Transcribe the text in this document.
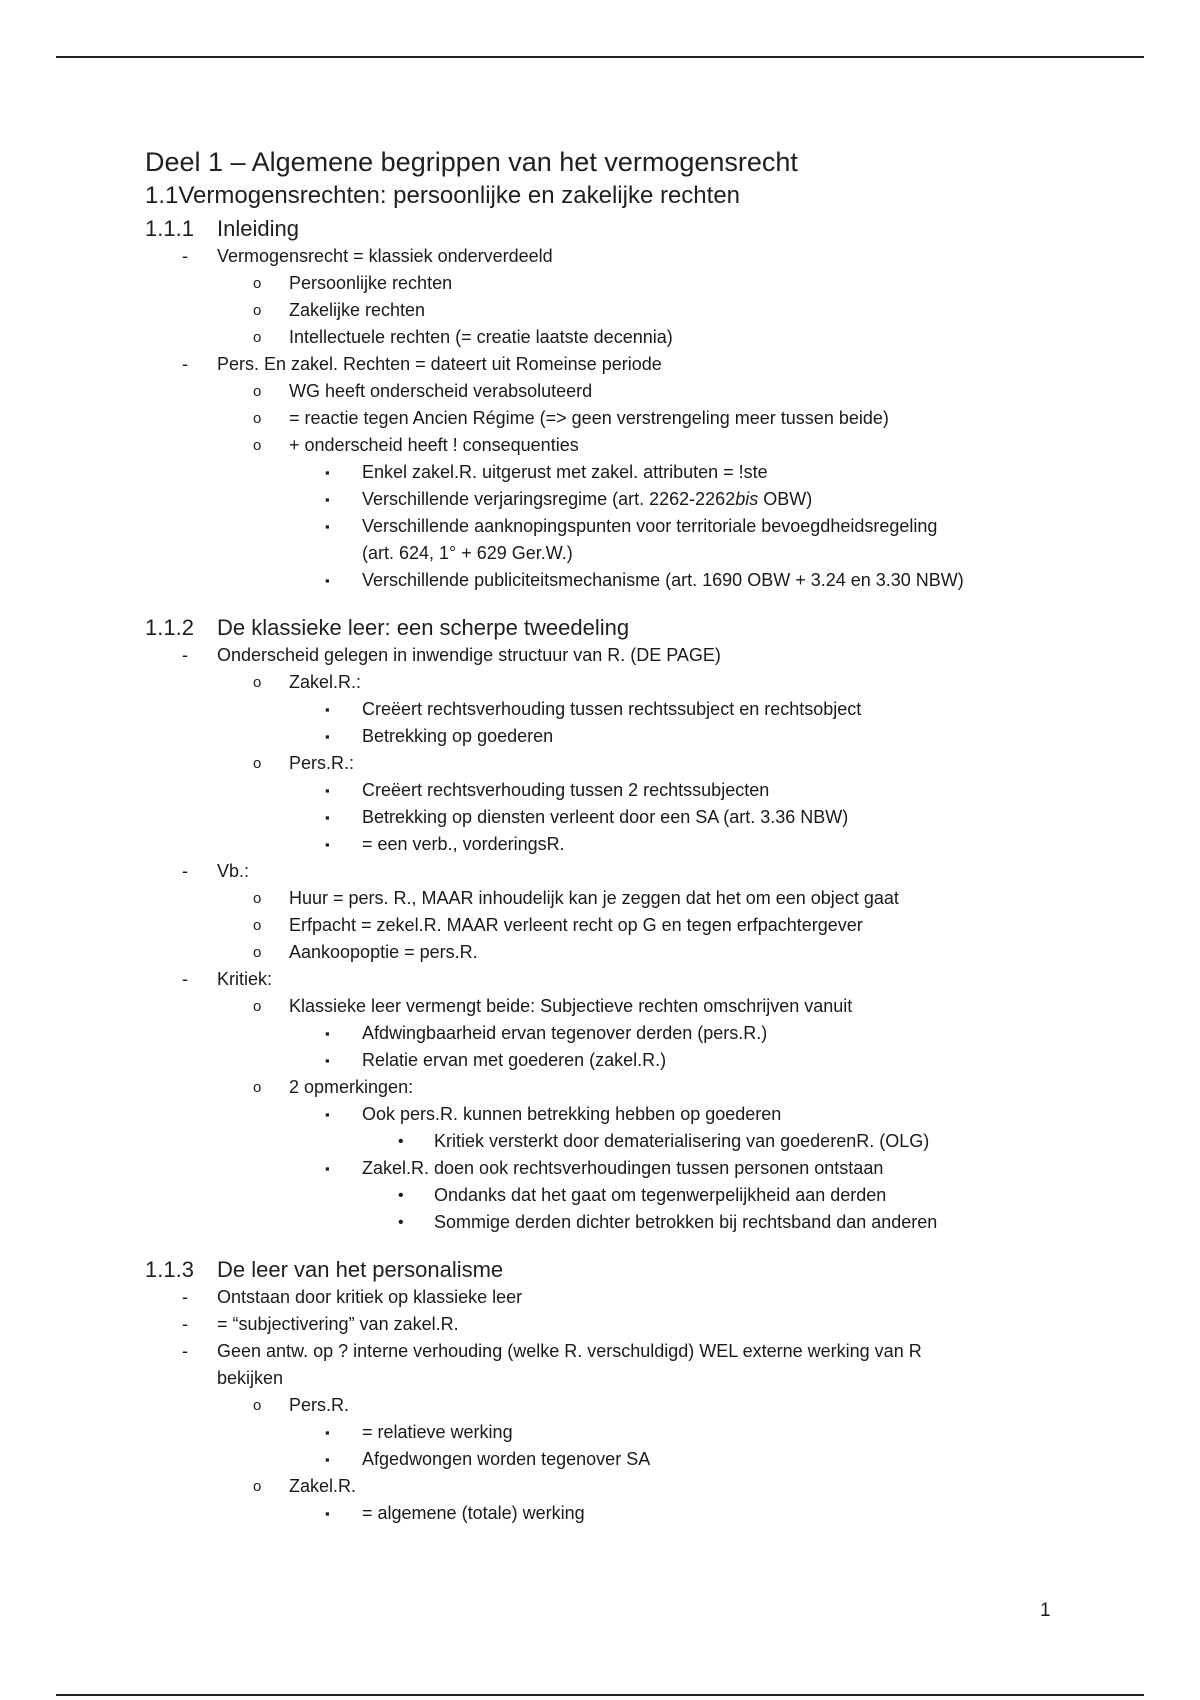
Deel 1 – Algemene begrippen van het vermogensrecht
1.1Vermogensrechten: persoonlijke en zakelijke rechten
1.1.1 Inleiding
- Vermogensrecht = klassiek onderverdeeld
o Persoonlijke rechten
o Zakelijke rechten
o Intellectuele rechten (= creatie laatste decennia)
- Pers. En zakel. Rechten = dateert uit Romeinse periode
o WG heeft onderscheid verabsoluteerd
o = reactie tegen Ancien Régime (=> geen verstrengeling meer tussen beide)
o + onderscheid heeft ! consequenties
▪ Enkel zakel.R. uitgerust met zakel. attributen = !ste
▪ Verschillende verjaringsregime (art. 2262-2262bis OBW)
▪ Verschillende aanknopingspunten voor territoriale bevoegdheidsregeling
(art. 624, 1° + 629 Ger.W.)
▪ Verschillende publiciteitsmechanisme (art. 1690 OBW + 3.24 en 3.30 NBW)
1.1.2 De klassieke leer: een scherpe tweedeling
- Onderscheid gelegen in inwendige structuur van R. (DE PAGE)
o Zakel.R.:
▪ Creëert rechtsverhouding tussen rechtssubject en rechtsobject
▪ Betrekking op goederen
o Pers.R.:
▪ Creëert rechtsverhouding tussen 2 rechtssubjecten
▪ Betrekking op diensten verleent door een SA (art. 3.36 NBW)
▪ = een verb., vorderingsR.
- Vb.:
o Huur = pers. R., MAAR inhoudelijk kan je zeggen dat het om een object gaat
o Erfpacht = zekel.R. MAAR verleent recht op G en tegen erfpachtergever
o Aankoopoptie = pers.R.
- Kritiek:
o Klassieke leer vermengt beide: Subjectieve rechten omschrijven vanuit
▪ Afdwingbaarheid ervan tegenover derden (pers.R.)
▪ Relatie ervan met goederen (zakel.R.)
o 2 opmerkingen:
▪ Ook pers.R. kunnen betrekking hebben op goederen
• Kritiek versterkt door dematerialisering van goederenR. (OLG)
▪ Zakel.R. doen ook rechtsverhoudingen tussen personen ontstaan
• Ondanks dat het gaat om tegenwerpelijkheid aan derden
• Sommige derden dichter betrokken bij rechtsband dan anderen
1.1.3 De leer van het personalisme
- Ontstaan door kritiek op klassieke leer
- = “subjectivering” van zakel.R.
- Geen antw. op ? interne verhouding (welke R. verschuldigd) WEL externe werking van R
bekijken
o Pers.R.
▪ = relatieve werking
▪ Afgedwongen worden tegenover SA
o Zakel.R.
▪ = algemene (totale) werking
1
